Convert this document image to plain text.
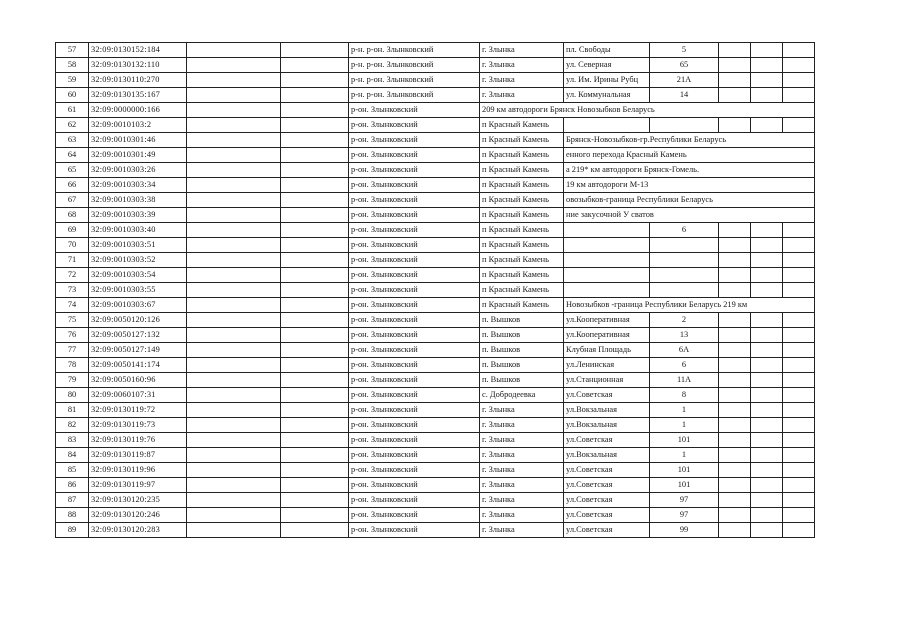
57	32:09:0130152:184			р-н. р-он. Злынковский	г. Злынка	пл. Свободы	5			
58	32:09:0130132:110			р-н. р-он. Злынковский	г. Злынка	ул. Северная	65			
59	32:09:0130110:270			р-н. р-он. Злынковский	г. Злынка	ул. Им. Ирины Рубц	21А			
60	32:09:0130135:167			р-н. р-он. Злынковский	г. Злынка	ул. Коммунальная	14			
61	32:09:0000000:166			р-он. Злынковский	209 км автодороги Брянск Новозыбков Беларусь					
62	32:09:0010103:2			р-он. Злынковский	п Красный Камень					
63	32:09:0010301:46			р-он. Злынковский	п Красный Камень	Брянск-Новозыбков-гр.Республики Беларусь				
64	32:09:0010301:49			р-он. Злынковский	п Красный Камень	енного перехода Красный Камень				
65	32:09:0010303:26			р-он. Злынковский	п Красный Камень	а 219* км автодороги Брянск-Гомель.				
66	32:09:0010303:34			р-он. Злынковский	п Красный Камень	19 км автодороги М-13				
67	32:09:0010303:38			р-он. Злынковский	п Красный Камень	овозыбков-граница Республики Беларусь				
68	32:09:0010303:39			р-он. Злынковский	п Красный Камень	ние закусочной У сватов				
69	32:09:0010303:40			р-он. Злынковский	п Красный Камень		6			
70	32:09:0010303:51			р-он. Злынковский	п Красный Камень					
71	32:09:0010303:52			р-он. Злынковский	п Красный Камень					
72	32:09:0010303:54			р-он. Злынковский	п Красный Камень					
73	32:09:0010303:55			р-он. Злынковский	п Красный Камень					
74	32:09:0010303:67			р-он. Злынковский	п Красный Камень	Новозыбков -граница Республики Беларусь 219 км				
75	32:09:0050120:126			р-он. Злынковский	п. Вышков	ул.Кооперативная	2			
76	32:09:0050127:132			р-он. Злынковский	п. Вышков	ул.Кооперативная	13			
77	32:09:0050127:149			р-он. Злынковский	п. Вышков	Клубная Площадь	6А			
78	32:09:0050141:174			р-он. Злынковский	п. Вышков	ул.Ленинская	6			
79	32:09:0050160:96			р-он. Злынковский	п. Вышков	ул.Станционная	11А			
80	32:09:0060107:31			р-он. Злынковский	с. Добродеевка	ул.Советская	8			
81	32:09:0130119:72			р-он. Злынковский	г. Злынка	ул.Вокзальная	1			
82	32:09:0130119:73			р-он. Злынковский	г. Злынка	ул.Вокзальная	1			
83	32:09:0130119:76			р-он. Злынковский	г. Злынка	ул.Советская	101			
84	32:09:0130119:87			р-он. Злынковский	г. Злынка	ул.Вокзальная	1			
85	32:09:0130119:96			р-он. Злынковский	г. Злынка	ул.Советская	101			
86	32:09:0130119:97			р-он. Злынковский	г. Злынка	ул.Советская	101			
87	32:09:0130120:235			р-он. Злынковский	г. Злынка	ул.Советская	97			
88	32:09:0130120:246			р-он. Злынковский	г. Злынка	ул.Советская	97			
89	32:09:0130120:283			р-он. Злынковский	г. Злынка	ул.Советская	99			
